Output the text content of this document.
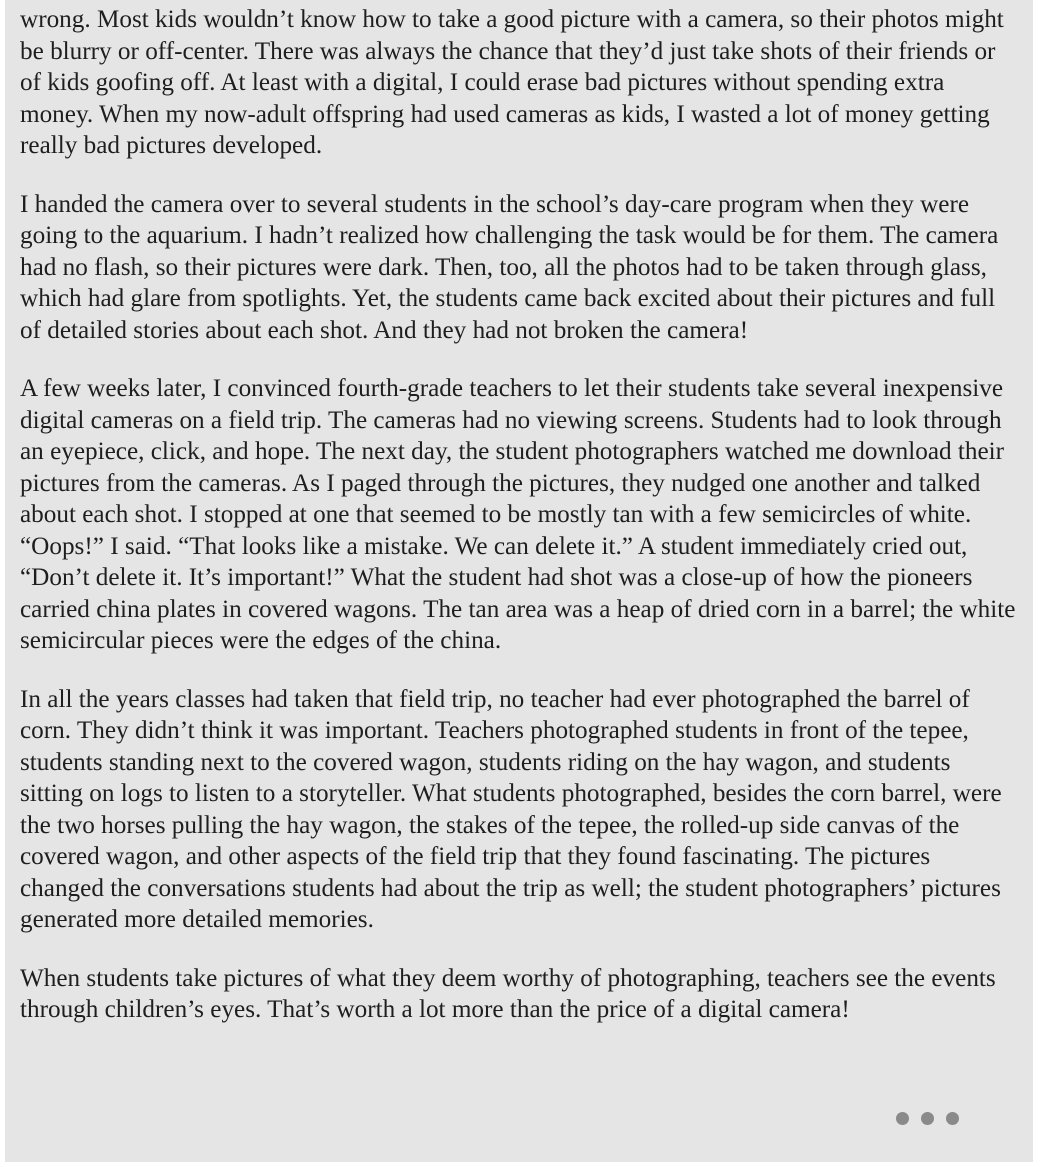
wrong. Most kids wouldn’t know how to take a good picture with a camera, so their photos might be blurry or off-center. There was always the chance that they’d just take shots of their friends or of kids goofing off. At least with a digital, I could erase bad pictures without spending extra money. When my now-adult offspring had used cameras as kids, I wasted a lot of money getting really bad pictures developed.

I handed the camera over to several students in the school’s day-care program when they were going to the aquarium. I hadn’t realized how challenging the task would be for them. The camera had no flash, so their pictures were dark. Then, too, all the photos had to be taken through glass, which had glare from spotlights. Yet, the students came back excited about their pictures and full of detailed stories about each shot. And they had not broken the camera!

A few weeks later, I convinced fourth-grade teachers to let their students take several inexpensive digital cameras on a field trip. The cameras had no viewing screens. Students had to look through an eyepiece, click, and hope. The next day, the student photographers watched me download their pictures from the cameras. As I paged through the pictures, they nudged one another and talked about each shot. I stopped at one that seemed to be mostly tan with a few semicircles of white. “Oops!” I said. “That looks like a mistake. We can delete it.” A student immediately cried out, “Don’t delete it. It’s important!” What the student had shot was a close-up of how the pioneers carried china plates in covered wagons. The tan area was a heap of dried corn in a barrel; the white semicircular pieces were the edges of the china.

In all the years classes had taken that field trip, no teacher had ever photographed the barrel of corn. They didn’t think it was important. Teachers photographed students in front of the tepee, students standing next to the covered wagon, students riding on the hay wagon, and students sitting on logs to listen to a storyteller. What students photographed, besides the corn barrel, were the two horses pulling the hay wagon, the stakes of the tepee, the rolled-up side canvas of the covered wagon, and other aspects of the field trip that they found fascinating. The pictures changed the conversations students had about the trip as well; the student photographers’ pictures generated more detailed memories.

When students take pictures of what they deem worthy of photographing, teachers see the events through children’s eyes. That’s worth a lot more than the price of a digital camera!
